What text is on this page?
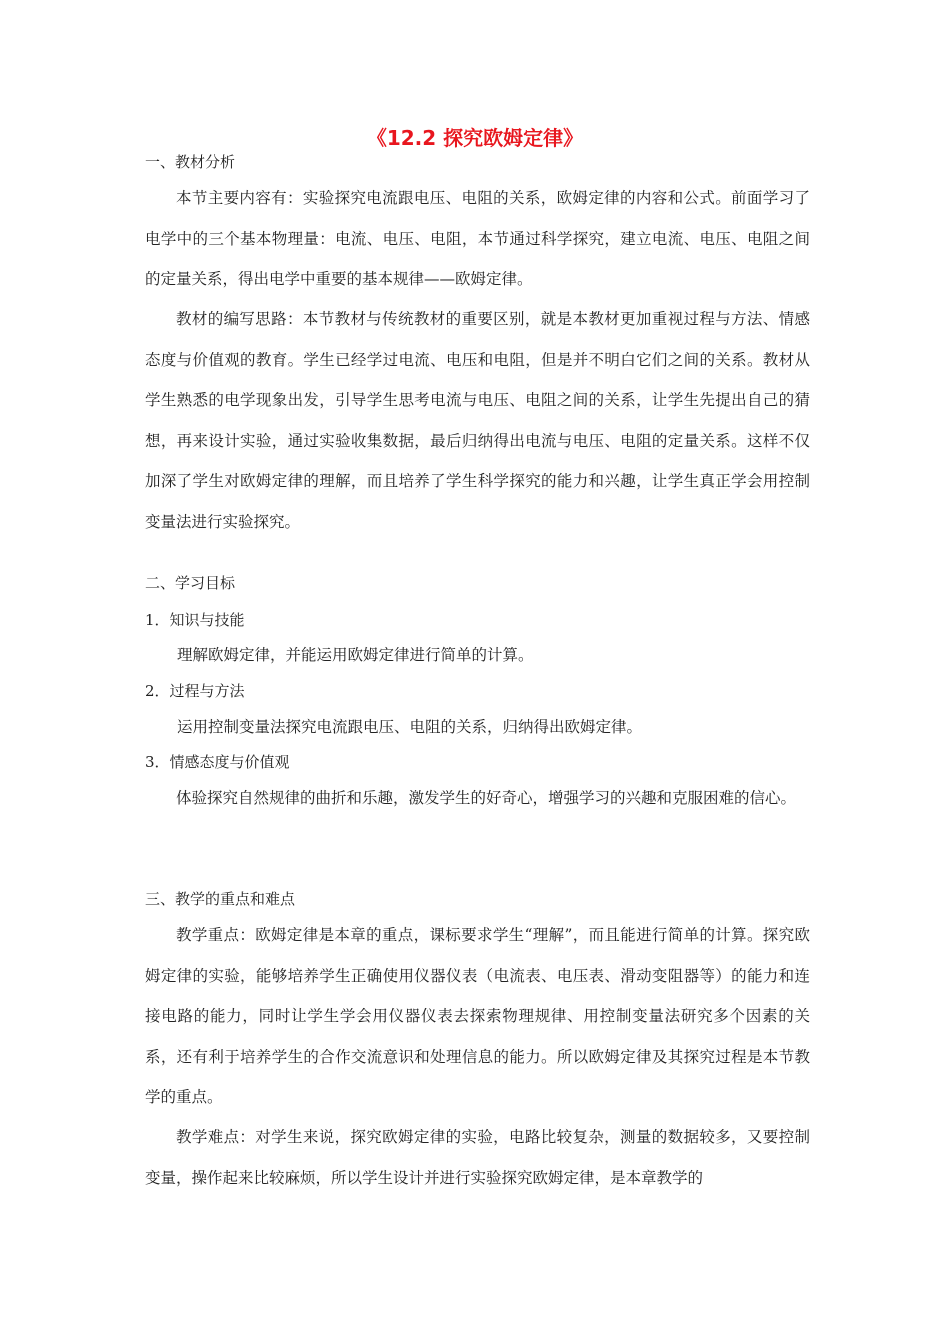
《12.2 探究欧姆定律》
一、教材分析

本节主要内容有：实验探究电流跟电压、电阻的关系，欧姆定律的内容和公式。前面学习了电学中的三个基本物理量：电流、电压、电阻，本节通过科学探究，建立电流、电压、电阻之间的定量关系，得出电学中重要的基本规律——欧姆定律。

教材的编写思路：本节教材与传统教材的重要区别，就是本教材更加重视过程与方法、情感态度与价值观的教育。学生已经学过电流、电压和电阻，但是并不明白它们之间的关系。教材从学生熟悉的电学现象出发，引导学生思考电流与电压、电阻之间的关系，让学生先提出自己的猜想，再来设计实验，通过实验收集数据，最后归纳得出电流与电压、电阻的定量关系。这样不仅加深了学生对欧姆定律的理解，而且培养了学生科学探究的能力和兴趣，让学生真正学会用控制变量法进行实验探究。

二、学习目标
1．知识与技能
理解欧姆定律，并能运用欧姆定律进行简单的计算。
2．过程与方法
运用控制变量法探究电流跟电压、电阻的关系，归纳得出欧姆定律。
3．情感态度与价值观

体验探究自然规律的曲折和乐趣，激发学生的好奇心，增强学习的兴趣和克服困难的信心。

三、教学的重点和难点

教学重点：欧姆定律是本章的重点，课标要求学生“理解”，而且能进行简单的计算。探究欧姆定律的实验，能够培养学生正确使用仪器仪表（电流表、电压表、滑动变阻器等）的能力和连接电路的能力，同时让学生学会用仪器仪表去探索物理规律、用控制变量法研究多个因素的关系，还有利于培养学生的合作交流意识和处理信息的能力。所以欧姆定律及其探究过程是本节教学的重点。

教学难点：对学生来说，探究欧姆定律的实验，电路比较复杂，测量的数据较多，又要控制变量，操作起来比较麻烦，所以学生设计并进行实验探究欧姆定律，是本章教学的
